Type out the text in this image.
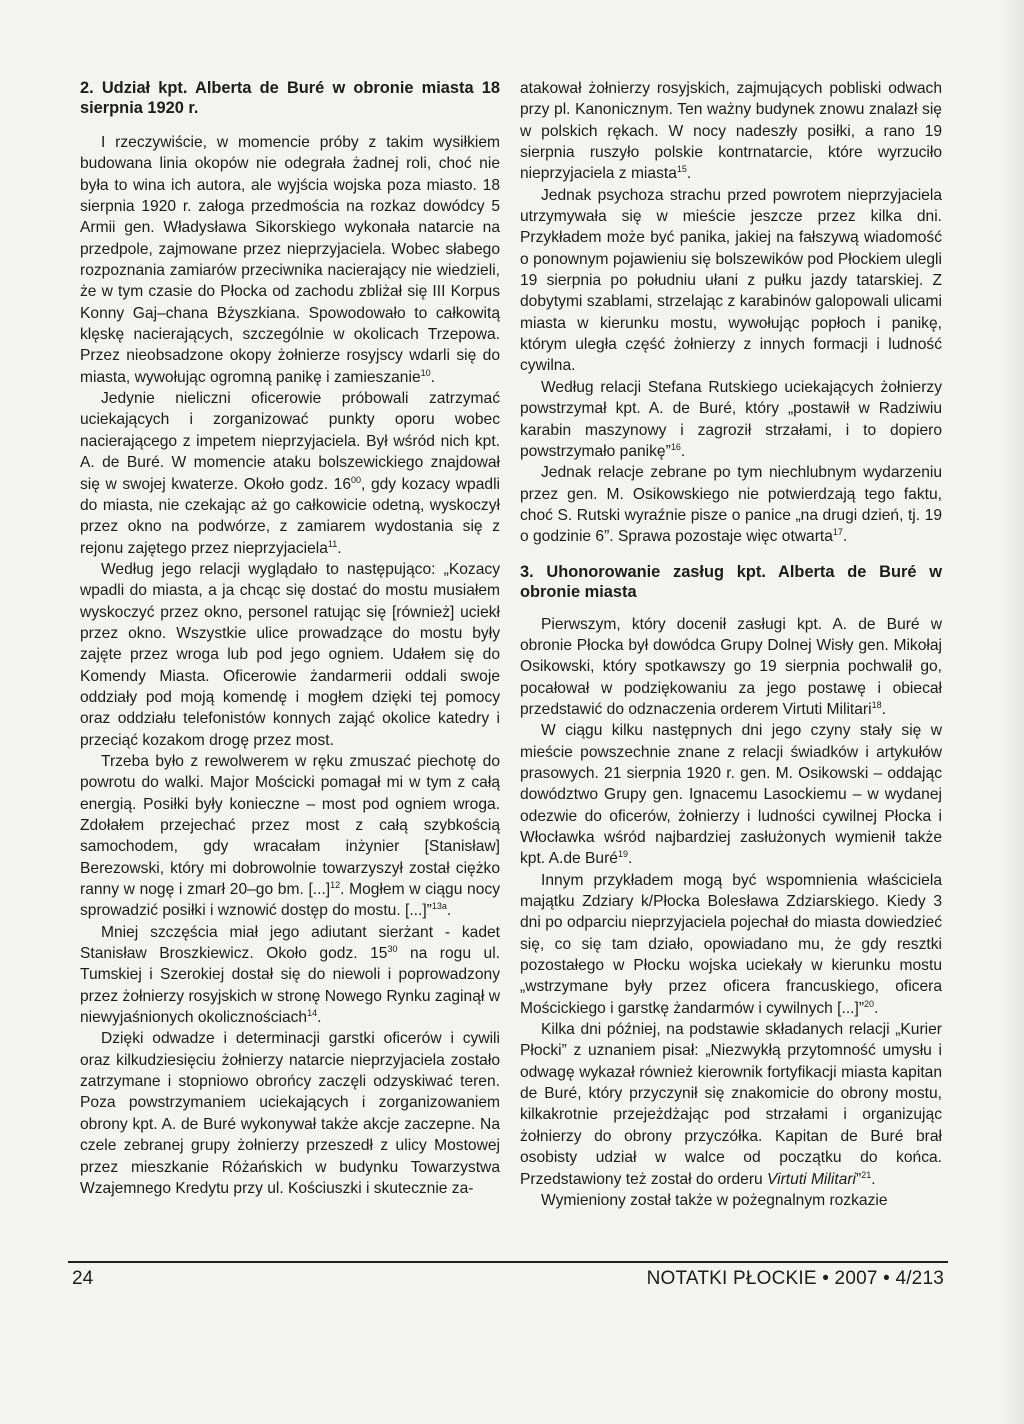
2. Udział kpt. Alberta de Buré w obronie miasta 18 sierpnia 1920 r.

I rzeczywiście, w momencie próby z takim wysiłkiem budowana linia okopów nie odegrała żadnej roli, choć nie była to wina ich autora, ale wyjścia wojska poza miasto. 18 sierpnia 1920 r. załoga przedmościa na rozkaz dowódcy 5 Armii gen. Władysława Sikorskiego wykonała natarcie na przedpole, zajmowane przez nieprzyjaciela. Wobec słabego rozpoznania zamiarów przeciwnika nacierający nie wiedzieli, że w tym czasie do Płocka od zachodu zbliżał się III Korpus Konny Gaj–chana Bżyszkiana. Spowodowało to całkowitą klęskę nacierających, szczególnie w okolicach Trzepowa. Przez nieobsadzone okopy żołnierze rosyjscy wdarli się do miasta, wywołując ogromną panikę i zamieszanie$^{10}$.

Jedynie nieliczni oficerowie próbowali zatrzymać uciekających i zorganizować punkty oporu wobec nacierającego z impetem nieprzyjaciela. Był wśród nich kpt. A. de Buré. W momencie ataku bolszewickiego znajdował się w swojej kwaterze. Około godz. $16^{00}$, gdy kozacy wpadli do miasta, nie czekając aż go całkowicie odetną, wyskoczył przez okno na podwórze, z zamiarem wydostania się z rejonu zajętego przez nieprzyjaciela$^{11}$.

Według jego relacji wyglądało to następująco: „Kozacy wpadli do miasta, a ja chcąc się dostać do mostu musiałem wyskoczyć przez okno, personel ratując się [również] uciekł przez okno. Wszystkie ulice prowadzące do mostu były zajęte przez wroga lub pod jego ogniem. Udałem się do Komendy Miasta. Oficerowie żandarmerii oddali swoje oddziały pod moją komendę i mogłem dzięki tej pomocy oraz oddziału telefonistów konnych zająć okolice katedry i przeciąć kozakom drogę przez most.

Trzeba było z rewolwerem w ręku zmuszać piechotę do powrotu do walki. Major Mościcki pomagał mi w tym z całą energią. Posiłki były konieczne – most pod ogniem wroga. Zdołałem przejechać przez most z całą szybkością samochodem, gdy wracałam inżynier [Stanisław] Berezowski, który mi dobrowolnie towarzyszył został ciężko ranny w nogę i zmarł 20–go bm. [...]$^{12}$. Mogłem w ciągu nocy sprowadzić posiłki i wznowić dostęp do mostu. [...]”$^{13a}$.

Mniej szczęścia miał jego adiutant sierżant - kadet Stanisław Broszkiewicz. Około godz. $15^{30}$ na rogu ul. Tumskiej i Szerokiej dostał się do niewoli i poprowadzony przez żołnierzy rosyjskich w stronę Nowego Rynku zaginął w niewyjaśnionych okolicznościach$^{14}$.

Dzięki odwadze i determinacji garstki oficerów i cywili oraz kilkudziesięciu żołnierzy natarcie nieprzyjaciela zostało zatrzymane i stopniowo obrońcy zaczęli odzyskiwać teren. Poza powstrzymaniem uciekających i zorganizowaniem obrony kpt. A. de Buré wykonywał także akcje zaczepne. Na czele zebranej grupy żołnierzy przeszedł z ulicy Mostowej przez mieszkanie Różańskich w budynku Towarzystwa Wzajemnego Kredytu przy ul. Kościuszki i skutecznie za-

atakował żołnierzy rosyjskich, zajmujących pobliski odwach przy pl. Kanonicznym. Ten ważny budynek znowu znalazł się w polskich rękach. W nocy nadeszły posiłki, a rano 19 sierpnia ruszyło polskie kontrnatarcie, które wyrzuciło nieprzyjaciela z miasta$^{15}$.

Jednak psychoza strachu przed powrotem nieprzyjaciela utrzymywała się w mieście jeszcze przez kilka dni. Przykładem może być panika, jakiej na fałszywą wiadomość o ponownym pojawieniu się bolszewików pod Płockiem ulegli 19 sierpnia po południu ułani z pułku jazdy tatarskiej. Z dobytymi szablami, strzelając z karabinów galopowali ulicami miasta w kierunku mostu, wywołując popłoch i panikę, którym uległa część żołnierzy z innych formacji i ludność cywilna.

Według relacji Stefana Rutskiego uciekających żołnierzy powstrzymał kpt. A. de Buré, który „postawił w Radziwiu karabin maszynowy i zagroził strzałami, i to dopiero powstrzymało panikę”$^{16}$.

Jednak relacje zebrane po tym niechlubnym wydarzeniu przez gen. M. Osikowskiego nie potwierdzają tego faktu, choć S. Rutski wyraźnie pisze o panice „na drugi dzień, tj. 19 o godzinie 6”. Sprawa pozostaje więc otwarta$^{17}$.

3. Uhonorowanie zasług kpt. Alberta de Buré w obronie miasta

Pierwszym, który docenił zasługi kpt. A. de Buré w obronie Płocka był dowódca Grupy Dolnej Wisły gen. Mikołaj Osikowski, który spotkawszy go 19 sierpnia pochwalił go, pocałował w podziękowaniu za jego postawę i obiecał przedstawić do odznaczenia orderem Virtuti Militari$^{18}$.

W ciągu kilku następnych dni jego czyny stały się w mieście powszechnie znane z relacji świadków i artykułów prasowych. 21 sierpnia 1920 r. gen. M. Osikowski – oddając dowództwo Grupy gen. Ignacemu Lasockiemu – w wydanej odezwie do oficerów, żołnierzy i ludności cywilnej Płocka i Włocławka wśród najbardziej zasłużonych wymienił także kpt. A.de Buré$^{19}$.

Innym przykładem mogą być wspomnienia właściciela majątku Zdziary k/Płocka Bolesława Zdziarskiego. Kiedy 3 dni po odparciu nieprzyjaciela pojechał do miasta dowiedzieć się, co się tam działo, opowiadano mu, że gdy resztki pozostałego w Płocku wojska uciekały w kierunku mostu „wstrzymane były przez oficera francuskiego, oficera Mościckiego i garstkę żandarmów i cywilnych [...]”$^{20}$.

Kilka dni później, na podstawie składanych relacji „Kurier Płocki” z uznaniem pisał: „Niezwykłą przytomność umysłu i odwagę wykazał również kierownik fortyfikacji miasta kapitan de Buré, który przyczynił się znakomicie do obrony mostu, kilkakrotnie przejeżdżając pod strzałami i organizując żołnierzy do obrony przyczółka. Kapitan de Buré brał osobisty udział w walce od początku do końca. Przedstawiony też został do orderu Virtuti Militari”$^{21}$.

Wymieniony został także w pożegnalnym rozkazie

24	NOTATKI PŁOCKIE • 2007 • 4/213
